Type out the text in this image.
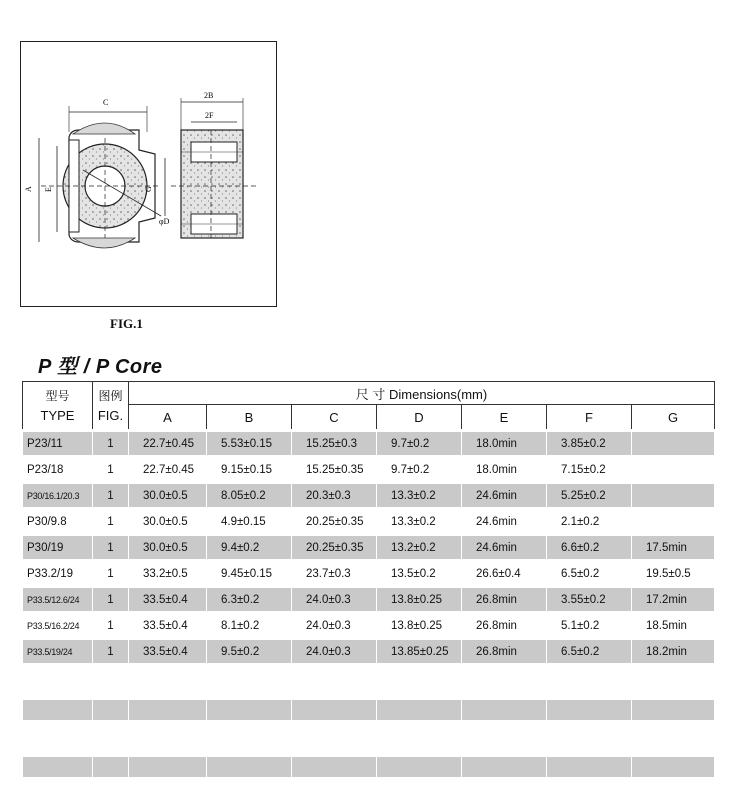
C
A E
φD
G
2B
2F
FIG.1
P 型 / P Core
型号
TYPE	图例
FIG.	尺 寸 Dimensions(mm)						
		A	B	C	D	E	F	G
P23/11	1	22.7±0.45	5.53±0.15	15.25±0.3	9.7±0.2	18.0min	3.85±0.2	
P23/18	1	22.7±0.45	9.15±0.15	15.25±0.35	9.7±0.2	18.0min	7.15±0.2	
P30/16.1/20.3	1	30.0±0.5	8.05±0.2	20.3±0.3	13.3±0.2	24.6min	5.25±0.2	
P30/9.8	1	30.0±0.5	4.9±0.15	20.25±0.35	13.3±0.2	24.6min	2.1±0.2	
P30/19	1	30.0±0.5	9.4±0.2	20.25±0.35	13.2±0.2	24.6min	6.6±0.2	17.5min
P33.2/19	1	33.2±0.5	9.45±0.15	23.7±0.3	13.5±0.2	26.6±0.4	6.5±0.2	19.5±0.5
P33.5/12.6/24	1	33.5±0.4	6.3±0.2	24.0±0.3	13.8±0.25	26.8min	3.55±0.2	17.2min
P33.5/16.2/24	1	33.5±0.4	8.1±0.2	24.0±0.3	13.8±0.25	26.8min	5.1±0.2	18.5min
P33.5/19/24	1	33.5±0.4	9.5±0.2	24.0±0.3	13.85±0.25	26.8min	6.5±0.2	18.2min
